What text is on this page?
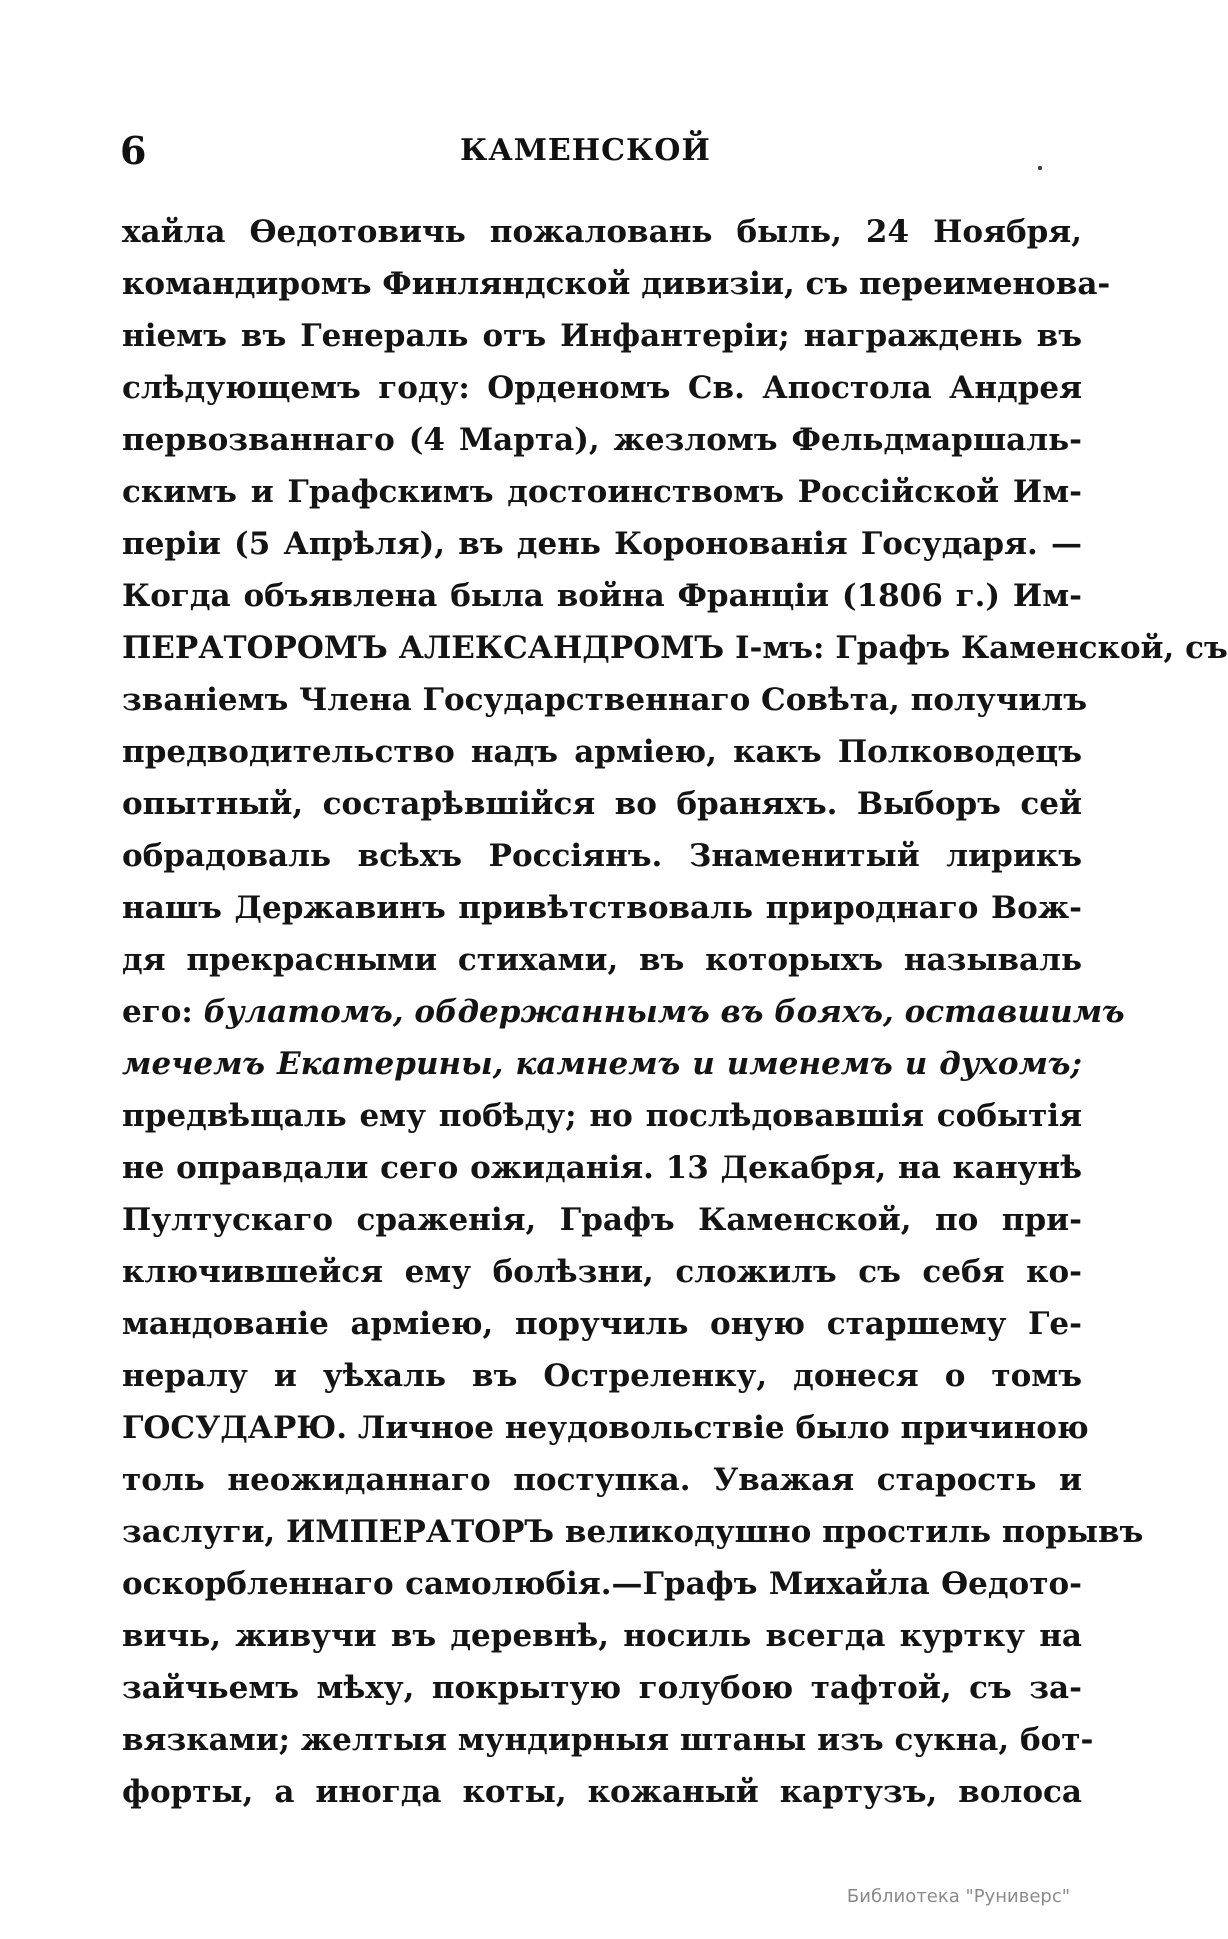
6	КАМЕНСКОЙ
хайла Өедотовичь пожаловань быль, 24 Ноября,
командиромъ Финляндской дивизіи, съ переименова-
ніемъ въ Генераль отъ Инфантеріи; награждень въ
слѣдующемъ году: Орденомъ Св. Апостола Андрея
первозваннаго (4 Марта), жезломъ Фельдмаршаль-
скимъ и Графскимъ достоинствомъ Россійской Им-
періи (5 Апрѣля), въ день Коронованія Государя. —
Когда объявлена была война Франціи (1806 г.) Им-
ПЕРАТОРОМЪ АЛЕКСАНДРОМЪ І-мъ: Графъ Каменской, съ
званіемъ Члена Государственнаго Совѣта, получилъ
предводительство надъ арміею, какъ Полководецъ
опытный, состарѣвшійся во браняхъ. Выборъ сей
обрадоваль всѣхъ Россіянъ. Знаменитый лирикъ
нашъ Державинъ привѣтствоваль природнаго Вож-
дя прекрасными стихами, въ которыхъ называль
его: булатомъ, обдержаннымъ въ бояхъ, оставшимъ
мечемъ Екатерины, камнемъ и именемъ и духомъ;
предвѣщаль ему побѣду; но послѣдовавшія событія
не оправдали сего ожиданія. 13 Декабря, на канунѣ
Пултускаго сраженія, Графъ Каменской, по при-
ключившейся ему болѣзни, сложилъ съ себя ко-
мандованіе арміею, поручиль оную старшему Ге-
нералу и уѣхаль въ Остреленку, донеся о томъ
ГОСУДАРЮ. Личное неудовольствіе было причиною
толь неожиданнаго поступка. Уважая старость и
заслуги, ИМПЕРАТОРЪ великодушно простиль порывъ
оскорбленнаго самолюбія.—Графъ Михайла Өедото-
вичь, живучи въ деревнѣ, носиль всегда куртку на
зайчьемъ мѣху, покрытую голубою тафтой, съ за-
вязками; желтыя мундирныя штаны изъ сукна, бот-
форты, а иногда коты, кожаный картузъ, волоса
Библиотека "Руниверс"
